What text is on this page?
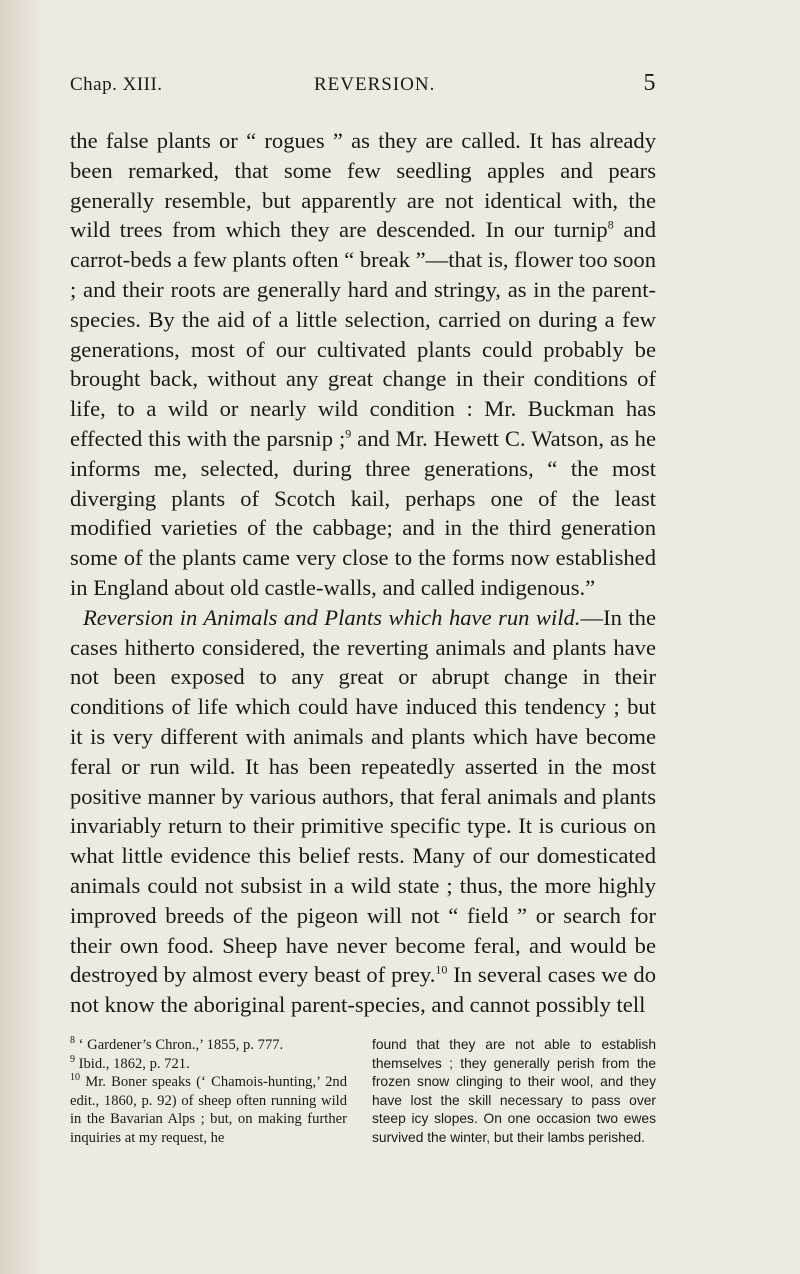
Chap. XIII.	REVERSION.	5

the false plants or “ rogues ” as they are called. It has already been remarked, that some few seedling apples and pears generally resemble, but apparently are not identical with, the wild trees from which they are descended. In our turnip$^8$ and carrot-beds a few plants often “ break ”—that is, flower too soon ; and their roots are generally hard and stringy, as in the parent-species. By the aid of a little selection, carried on during a few generations, most of our cultivated plants could probably be brought back, without any great change in their conditions of life, to a wild or nearly wild condition : Mr. Buckman has effected this with the parsnip ;$^9$ and Mr. Hewett C. Watson, as he informs me, selected, during three generations, “ the most diverging plants of Scotch kail, perhaps one of the least modified varieties of the cabbage; and in the third generation some of the plants came very close to the forms now established in England about old castle-walls, and called indigenous.”

Reversion in Animals and Plants which have run wild.—In the cases hitherto considered, the reverting animals and plants have not been exposed to any great or abrupt change in their conditions of life which could have induced this tendency ; but it is very different with animals and plants which have become feral or run wild. It has been repeatedly asserted in the most positive manner by various authors, that feral animals and plants invariably return to their primitive specific type. It is curious on what little evidence this belief rests. Many of our domesticated animals could not subsist in a wild state ; thus, the more highly improved breeds of the pigeon will not “ field ” or search for their own food. Sheep have never become feral, and would be destroyed by almost every beast of prey.$^{10}$ In several cases we do not know the aboriginal parent-species, and cannot possibly tell

$^8$ ‘ Gardener’s Chron.,’ 1855, p. 777.

$^9$ Ibid., 1862, p. 721.

$^{10}$ Mr. Boner speaks (‘ Chamois-hunting,’ 2nd edit., 1860, p. 92) of sheep often running wild in the Bavarian Alps ; but, on making further inquiries at my request, he

found that they are not able to establish themselves ; they generally perish from the frozen snow clinging to their wool, and they have lost the skill necessary to pass over steep icy slopes. On one occasion two ewes survived the winter, but their lambs perished.
